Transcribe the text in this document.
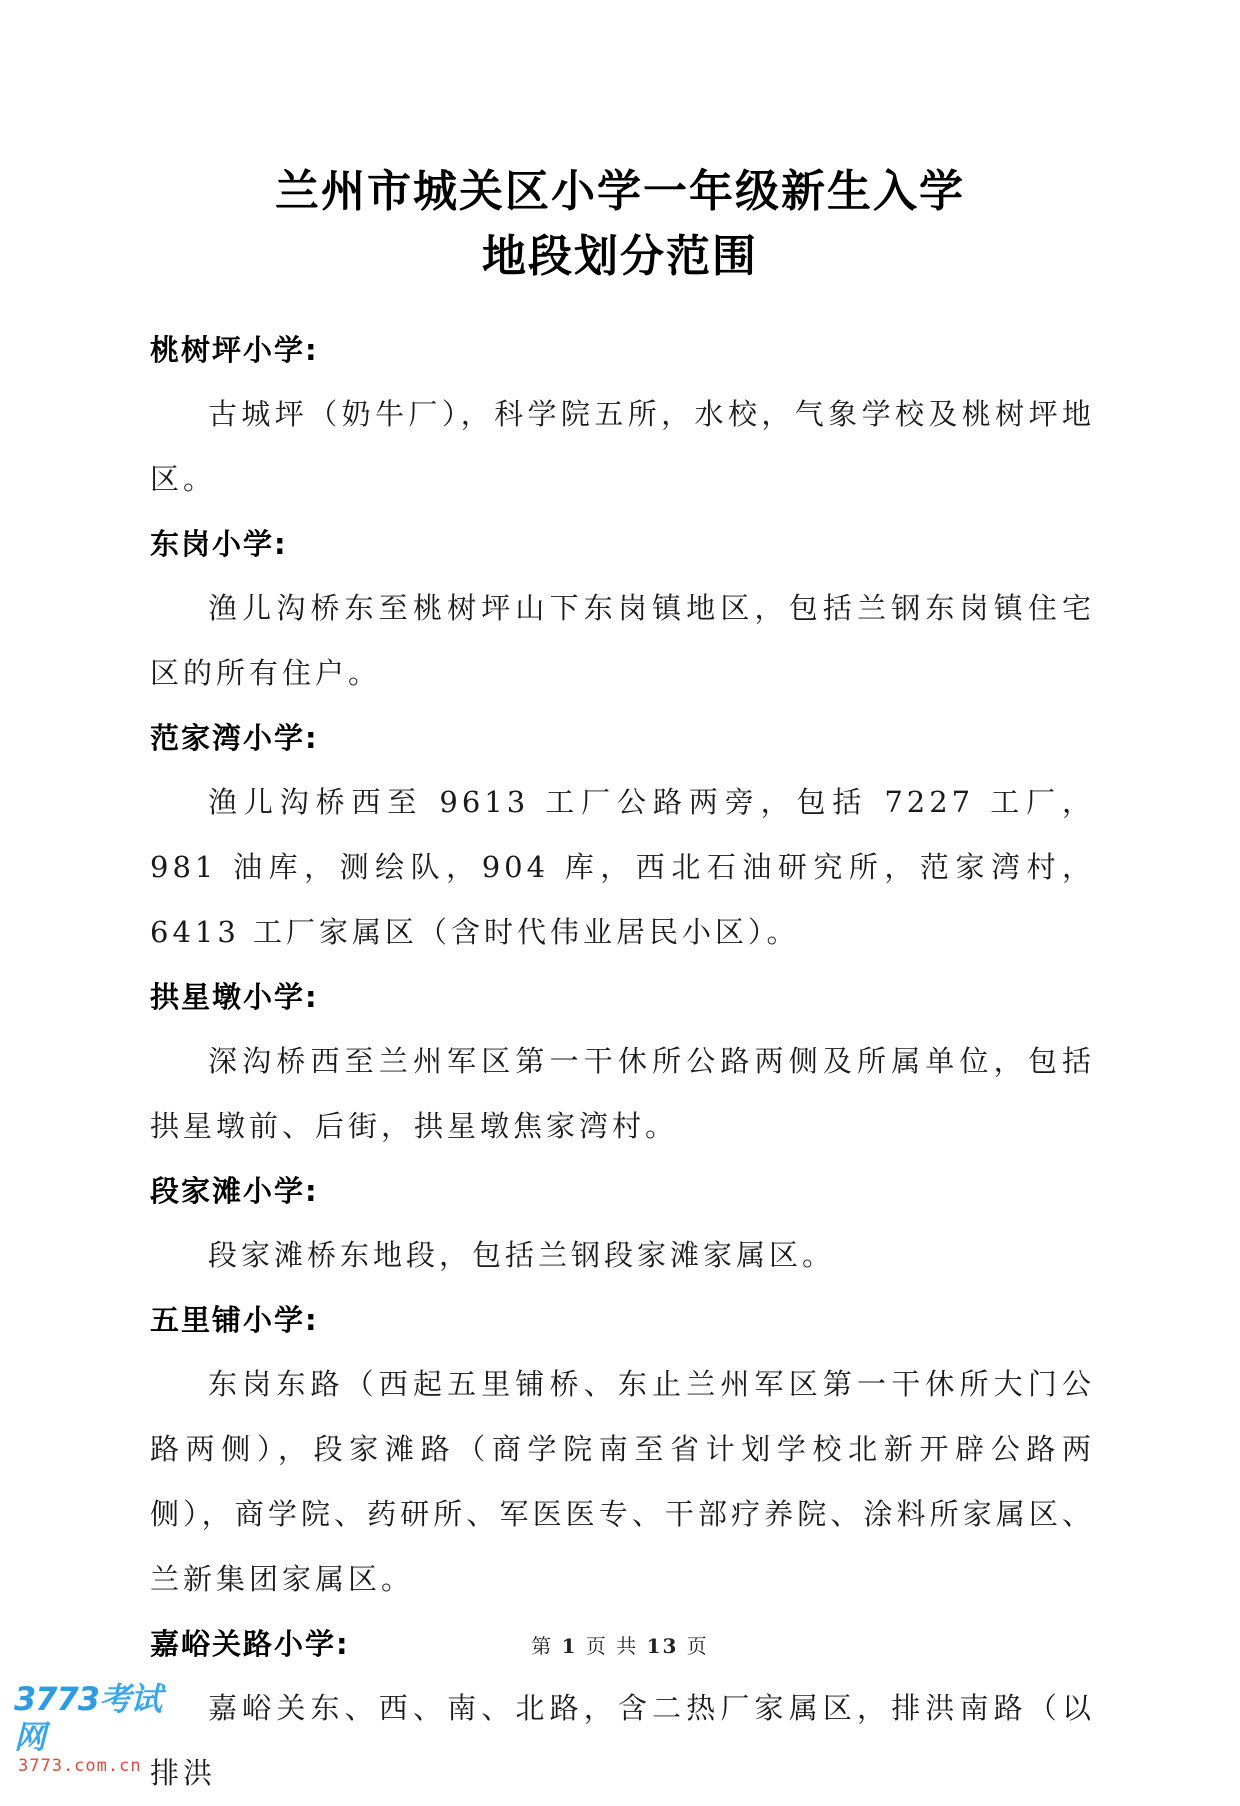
兰州市城关区小学一年级新生入学
地段划分范围
桃树坪小学:

古城坪（奶牛厂），科学院五所，水校，气象学校及桃树坪地区。

东岗小学:

渔儿沟桥东至桃树坪山下东岗镇地区，包括兰钢东岗镇住宅区的所有住户。

范家湾小学:

渔儿沟桥西至 9613 工厂公路两旁，包括 7227 工厂，981 油库，测绘队，904 库，西北石油研究所，范家湾村，6413 工厂家属区（含时代伟业居民小区）。

拱星墩小学:

深沟桥西至兰州军区第一干休所公路两侧及所属单位，包括拱星墩前、后街，拱星墩焦家湾村。

段家滩小学:

段家滩桥东地段，包括兰钢段家滩家属区。

五里铺小学:

东岗东路（西起五里铺桥、东止兰州军区第一干休所大门公路两侧），段家滩路（商学院南至省计划学校北新开辟公路两侧），商学院、药研所、军医医专、干部疗养院、涂料所家属区、兰新集团家属区。

嘉峪关路小学:

嘉峪关东、西、南、北路，含二热厂家属区，排洪南路（以排洪

第 1 页 共 13 页
3773考试网
3773.com.cn
